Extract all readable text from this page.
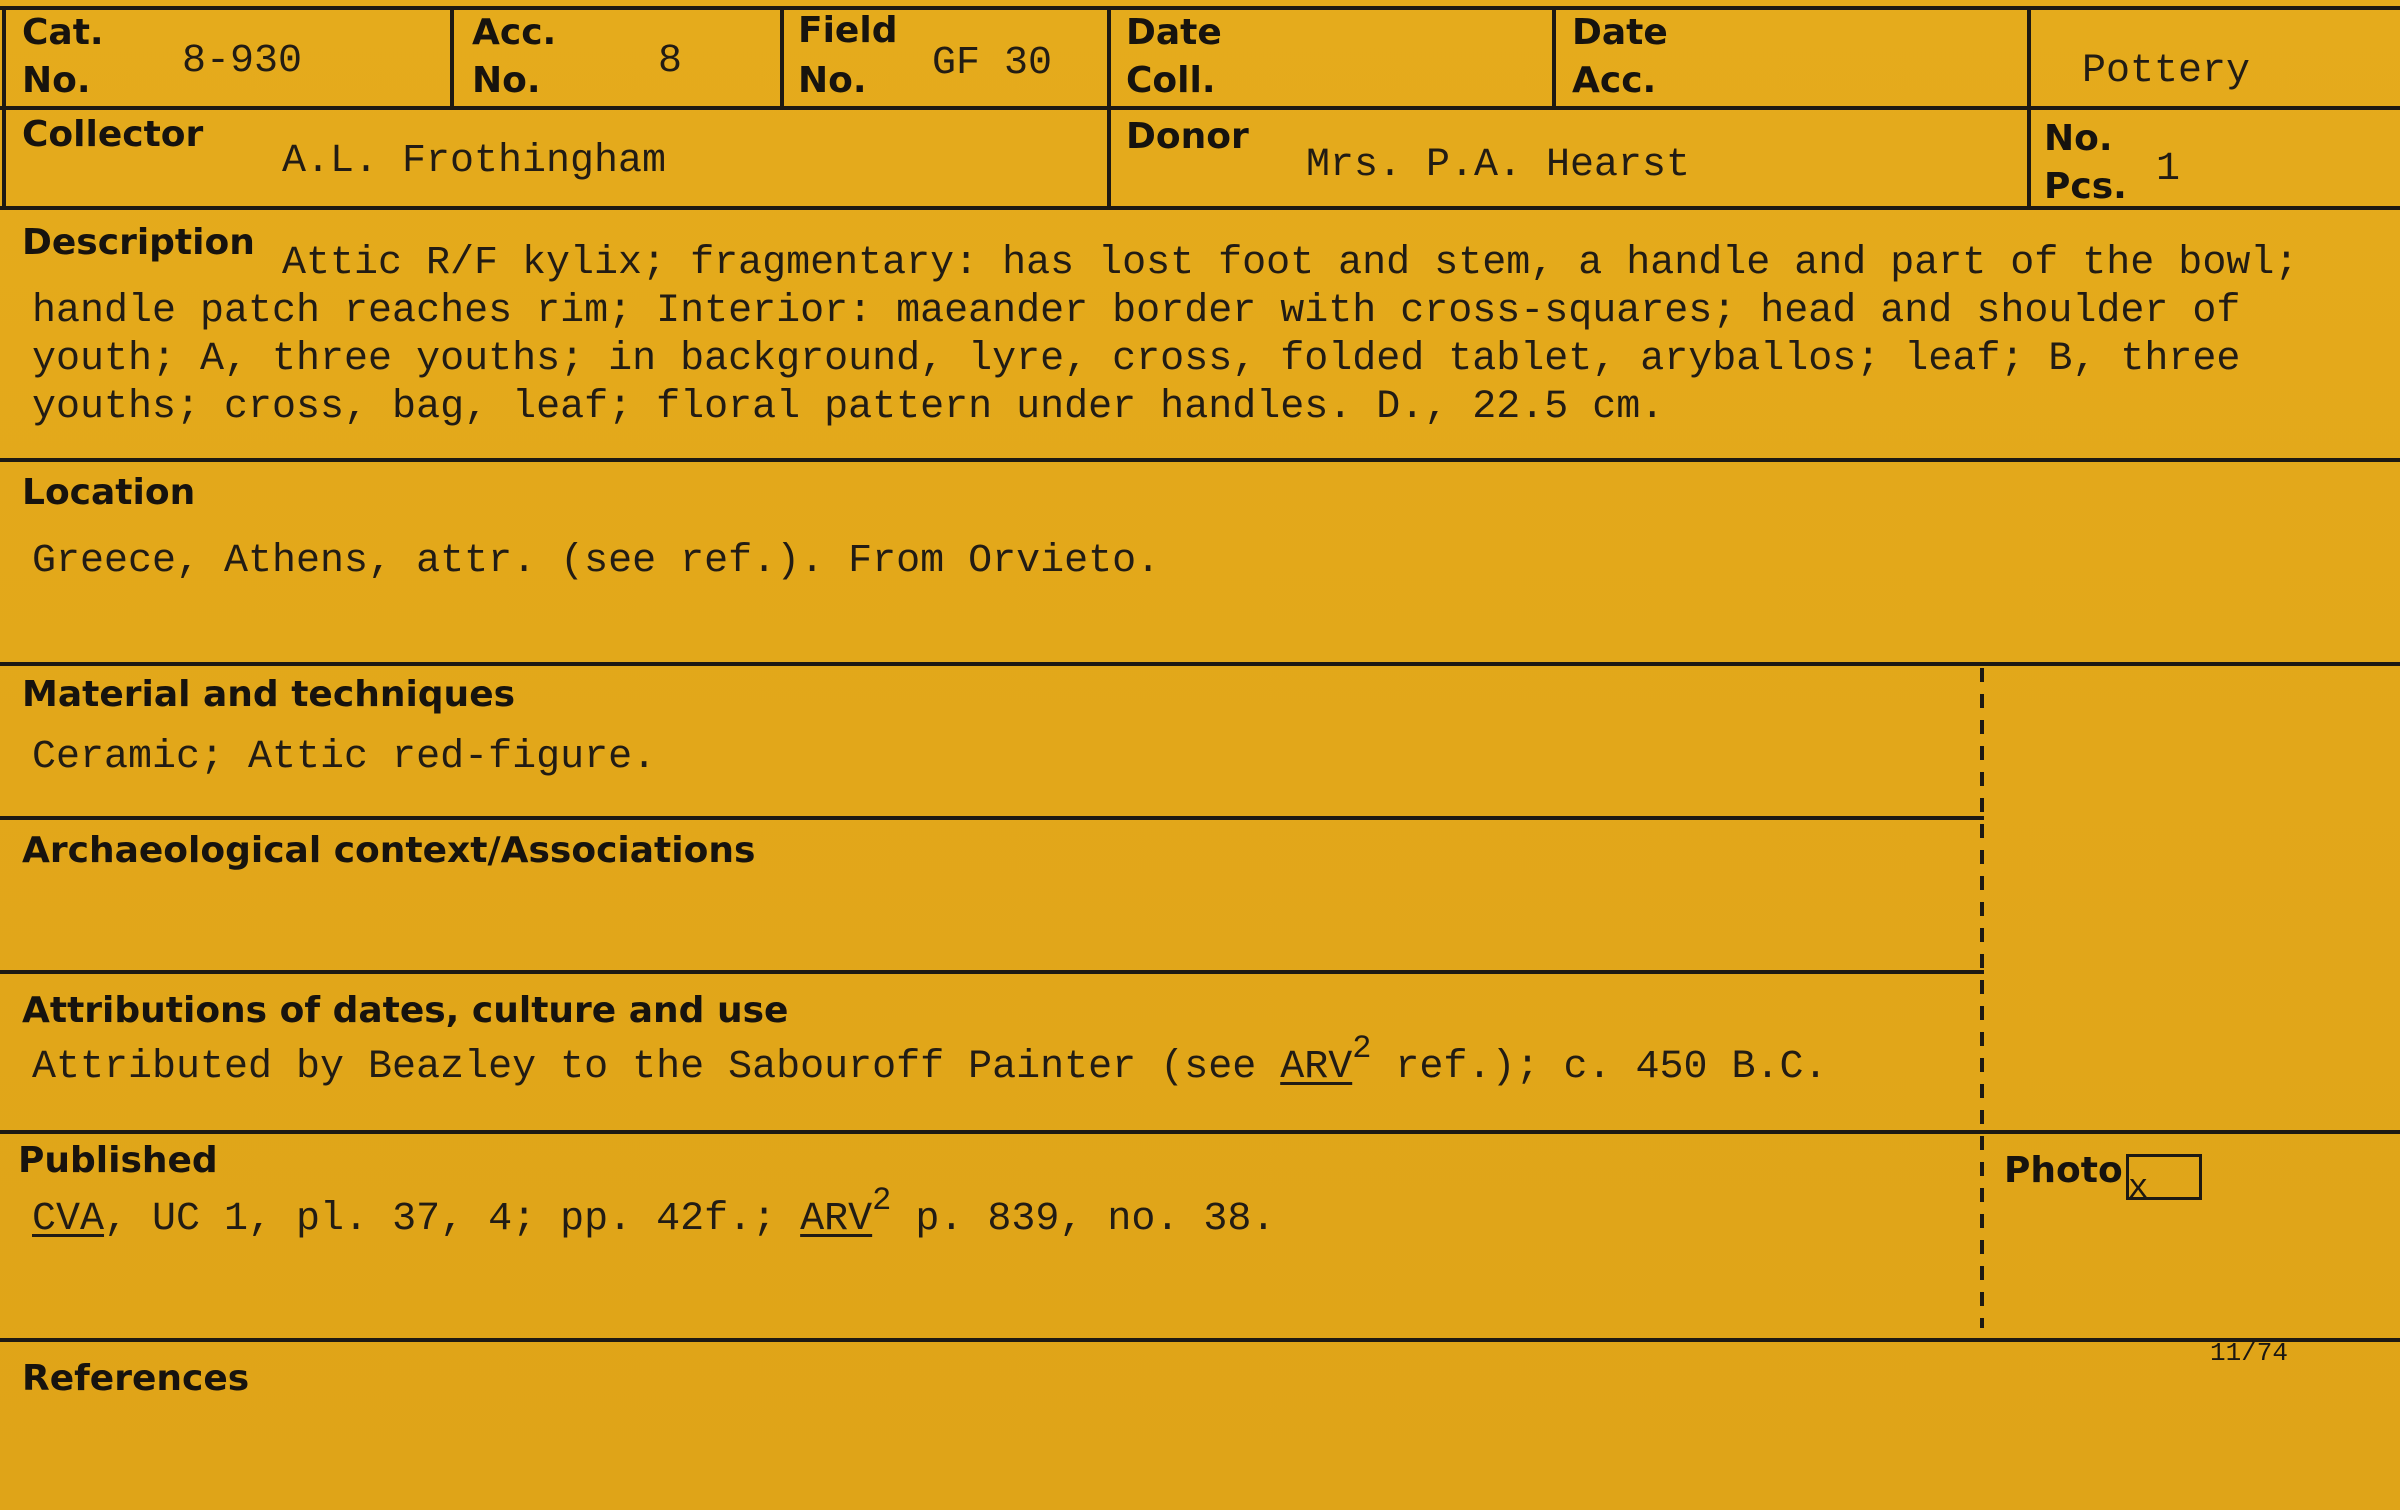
Cat.
No. 8-930
Acc.
No.	8
Field
No. GF 30
Date
Coll.
Date
Acc.	Pottery
Collector
A.L. Frothingham
Donor
Mrs. P.A. Hearst
No.
Pcs. 1
Description Attic R/F kylix; fragmentary: has lost foot and stem, a handle and part of the bowl; handle patch reaches rim; Interior: maeander border with cross-squares; head and shoulder of youth; A, three youths; in background, lyre, cross, folded tablet, aryballos; leaf; B, three youths; cross, bag, leaf; floral pattern under handles. D., 22.5 cm.
Location
Greece, Athens, attr. (see ref.). From Orvieto.
Material and techniques
Ceramic; Attic red-figure.
Archaeological context/Associations
Attributions of dates, culture and use
Attributed by Beazley to the Sabouroff Painter (see ARV$^2$ ref.); c. 450 B.C.
Published
CVA, UC 1, pl. 37, 4; pp. 42f.; ARV$^2$ p. 839, no. 38.
Photo x
References
11/74
